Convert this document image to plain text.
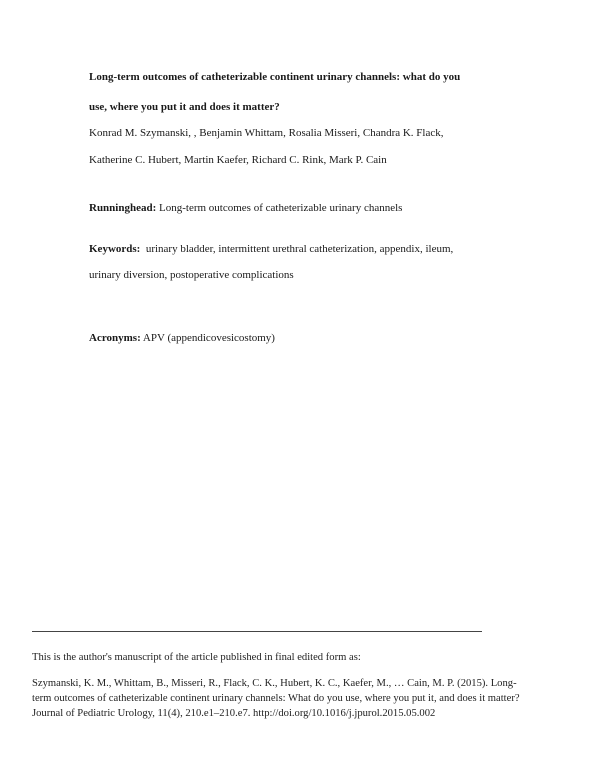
Long-term outcomes of catheterizable continent urinary channels: what do you
use, where you put it and does it matter?
Konrad M. Szymanski, , Benjamin Whittam, Rosalia Misseri, Chandra K. Flack,
Katherine C. Hubert, Martin Kaefer, Richard C. Rink, Mark P. Cain
Runninghead: Long-term outcomes of catheterizable urinary channels
Keywords: urinary bladder, intermittent urethral catheterization, appendix, ileum,
urinary diversion, postoperative complications
Acronyms: APV (appendicovesicostomy)
This is the author's manuscript of the article published in final edited form as:
Szymanski, K. M., Whittam, B., Misseri, R., Flack, C. K., Hubert, K. C., Kaefer, M., … Cain, M. P. (2015). Long-
term outcomes of catheterizable continent urinary channels: What do you use, where you put it, and does it matter?
Journal of Pediatric Urology, 11(4), 210.e1–210.e7. http://doi.org/10.1016/j.jpurol.2015.05.002
